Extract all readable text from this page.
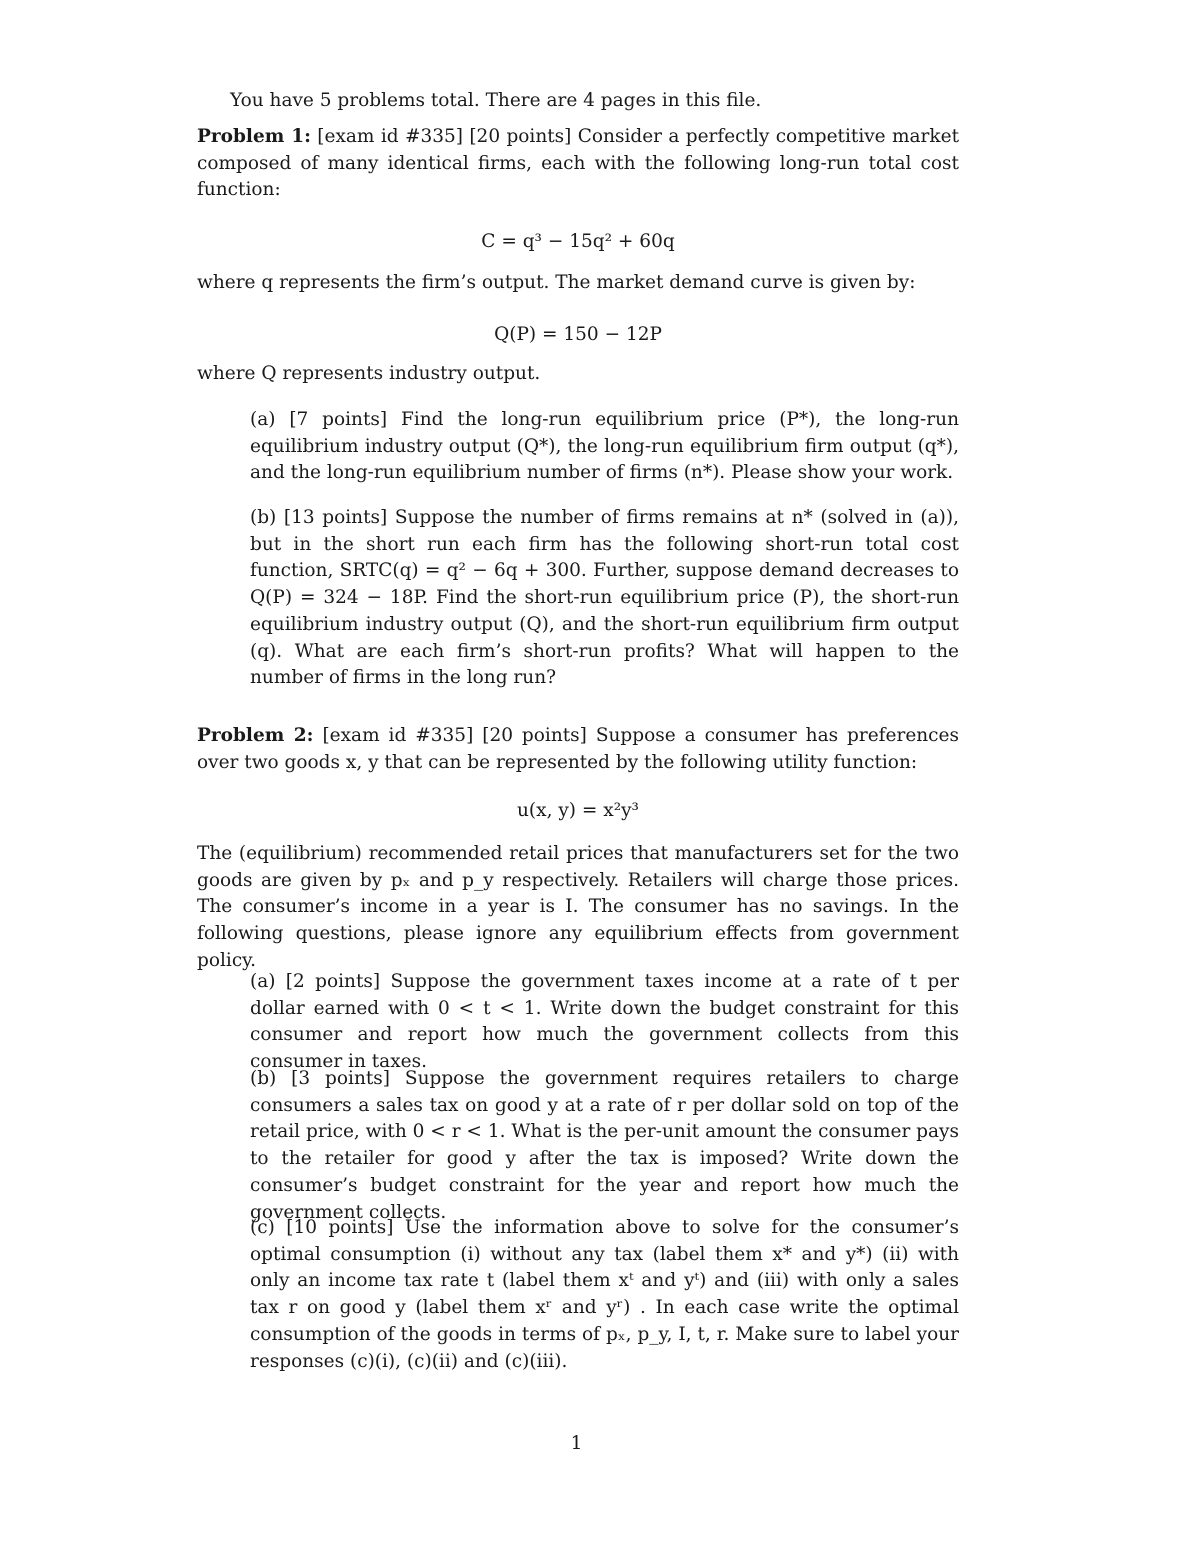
You have 5 problems total. There are 4 pages in this file.

Problem 1: [exam id #335] [20 points] Consider a perfectly competitive market composed of many identical firms, each with the following long-run total cost function:

C = q³ − 15q² + 60q

where q represents the firm’s output. The market demand curve is given by:

Q(P) = 150 − 12P

where Q represents industry output.

(a) [7 points] Find the long-run equilibrium price (P*), the long-run equilibrium industry output (Q*), the long-run equilibrium firm output (q*), and the long-run equilibrium number of firms (n*). Please show your work.

(b) [13 points] Suppose the number of firms remains at n* (solved in (a)), but in the short run each firm has the following short-run total cost function, SRTC(q) = q² − 6q + 300. Further, suppose demand decreases to Q(P) = 324 − 18P. Find the short-run equilibrium price (P), the short-run equilibrium industry output (Q), and the short-run equilibrium firm output (q). What are each firm’s short-run profits? What will happen to the number of firms in the long run?

Problem 2: [exam id #335] [20 points] Suppose a consumer has preferences over two goods x, y that can be represented by the following utility function:

u(x, y) = x²y³

The (equilibrium) recommended retail prices that manufacturers set for the two goods are given by pₓ and p_y respectively. Retailers will charge those prices. The consumer’s income in a year is I. The consumer has no savings. In the following questions, please ignore any equilibrium effects from government policy.

(a) [2 points] Suppose the government taxes income at a rate of t per dollar earned with 0 < t < 1. Write down the budget constraint for this consumer and report how much the government collects from this consumer in taxes.

(b) [3 points] Suppose the government requires retailers to charge consumers a sales tax on good y at a rate of r per dollar sold on top of the retail price, with 0 < r < 1. What is the per-unit amount the consumer pays to the retailer for good y after the tax is imposed? Write down the consumer’s budget constraint for the year and report how much the government collects.

(c) [10 points] Use the information above to solve for the consumer’s optimal consumption (i) without any tax (label them x* and y*) (ii) with only an income tax rate t (label them xᵗ and yᵗ) and (iii) with only a sales tax r on good y (label them xʳ and yʳ) . In each case write the optimal consumption of the goods in terms of pₓ, p_y, I, t, r. Make sure to label your responses (c)(i), (c)(ii) and (c)(iii).

1
